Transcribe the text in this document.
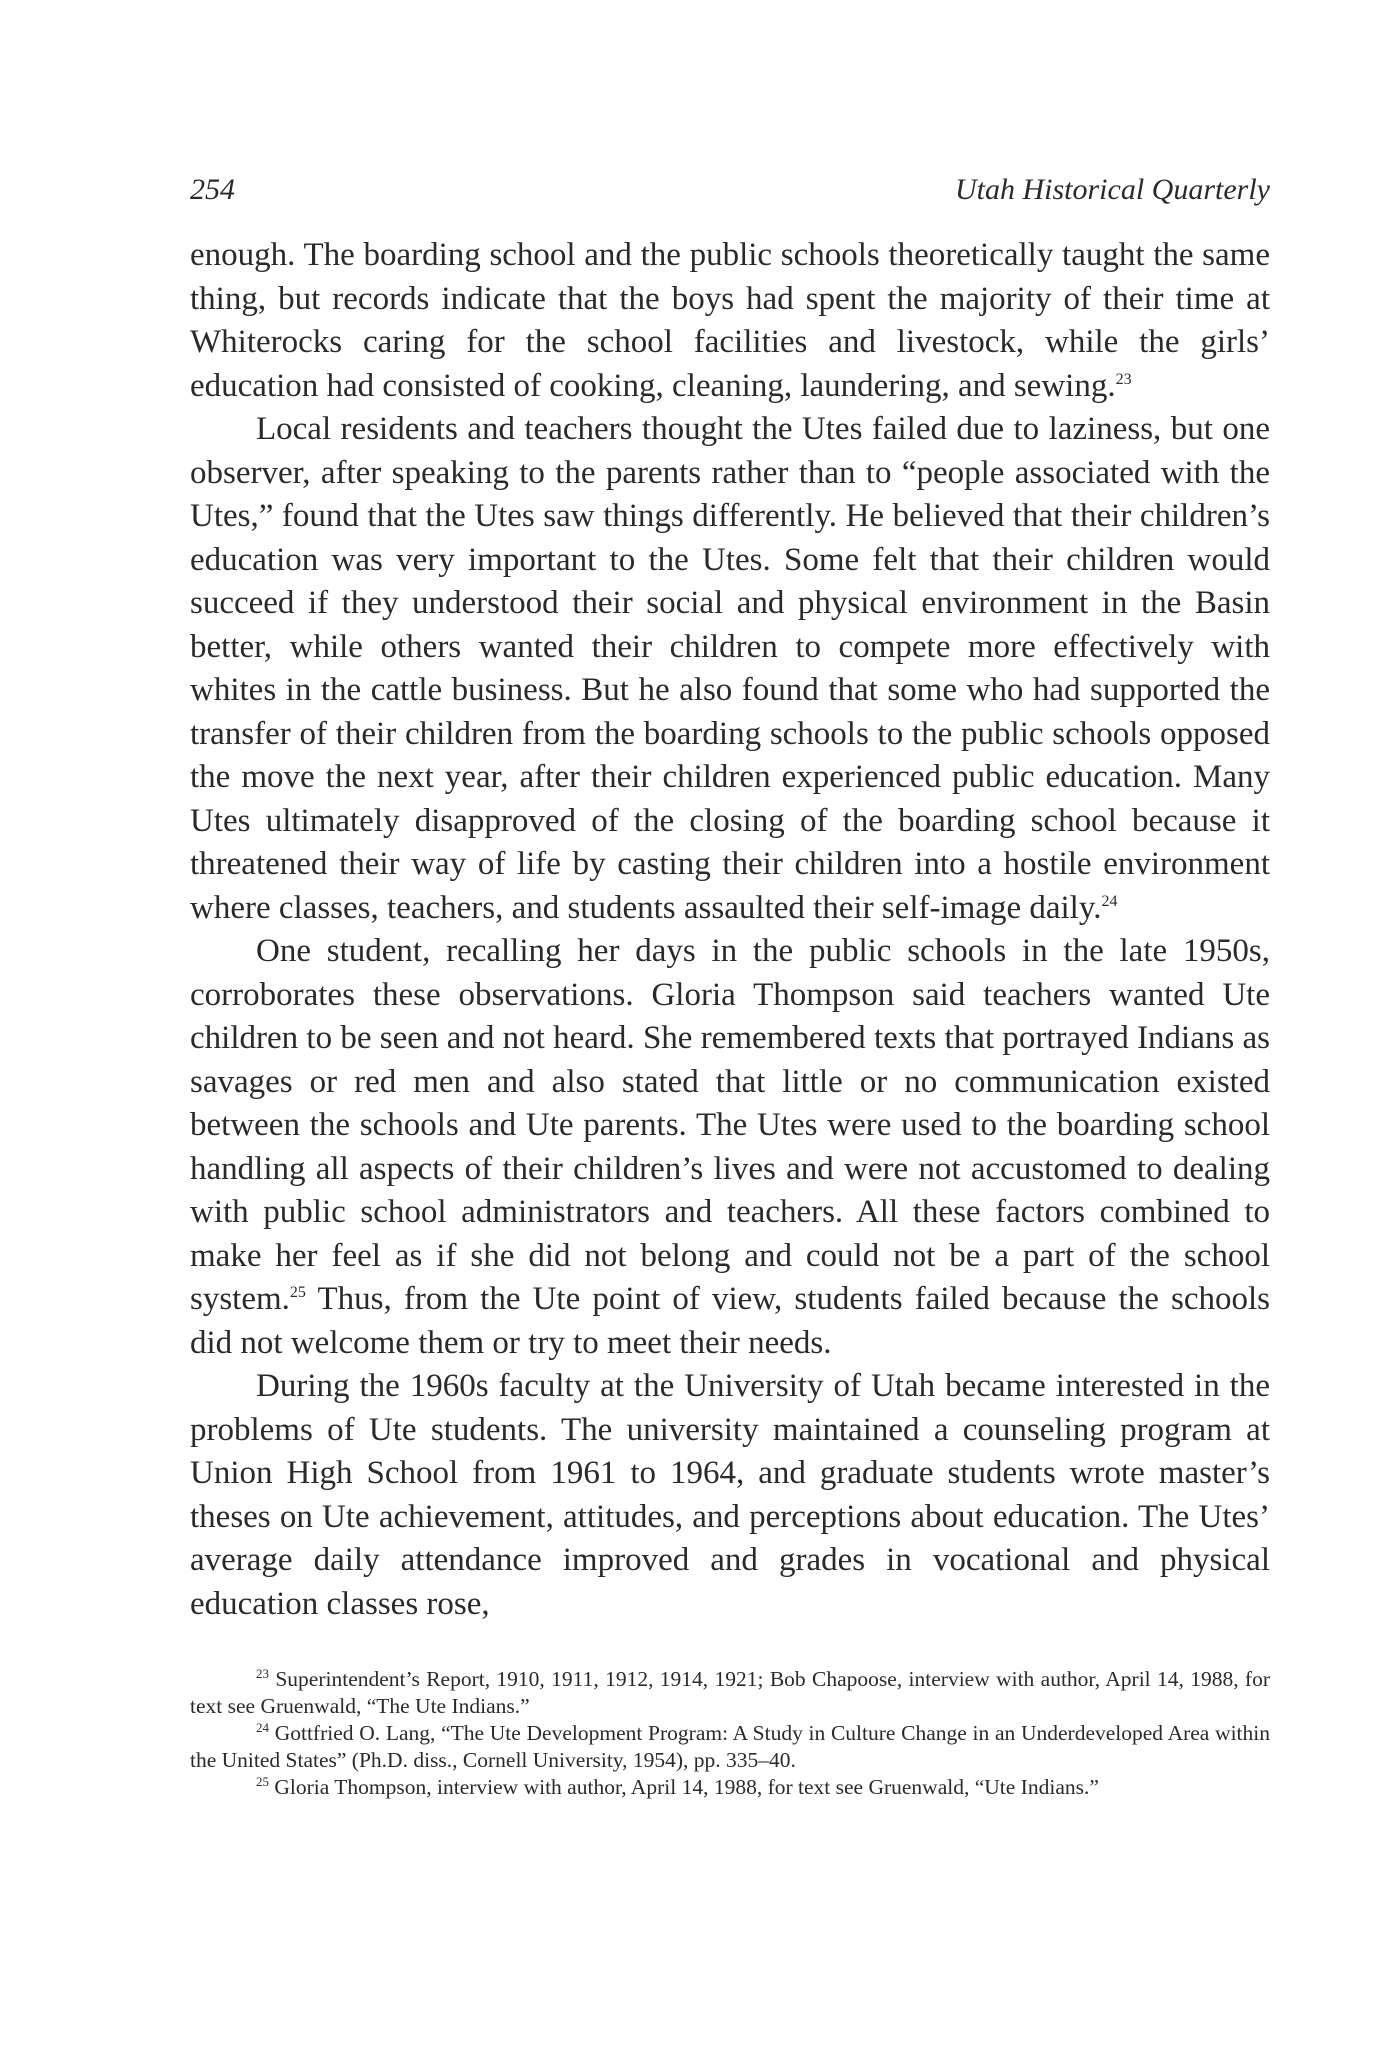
254	Utah Historical Quarterly

enough. The boarding school and the public schools theoretically taught the same thing, but records indicate that the boys had spent the majority of their time at Whiterocks caring for the school facilities and livestock, while the girls’ education had consisted of cooking, cleaning, laundering, and sewing.$^{23}$

Local residents and teachers thought the Utes failed due to laziness, but one observer, after speaking to the parents rather than to “people associated with the Utes,” found that the Utes saw things differently. He believed that their children’s education was very important to the Utes. Some felt that their children would succeed if they understood their social and physical environment in the Basin better, while others wanted their children to compete more effectively with whites in the cattle business. But he also found that some who had supported the transfer of their children from the boarding schools to the public schools opposed the move the next year, after their children experienced public education. Many Utes ultimately disapproved of the closing of the boarding school because it threatened their way of life by casting their children into a hostile environment where classes, teachers, and students assaulted their self-image daily.$^{24}$

One student, recalling her days in the public schools in the late 1950s, corroborates these observations. Gloria Thompson said teachers wanted Ute children to be seen and not heard. She remembered texts that portrayed Indians as savages or red men and also stated that little or no communication existed between the schools and Ute parents. The Utes were used to the boarding school handling all aspects of their children’s lives and were not accustomed to dealing with public school administrators and teachers. All these factors combined to make her feel as if she did not belong and could not be a part of the school system.$^{25}$ Thus, from the Ute point of view, students failed because the schools did not welcome them or try to meet their needs.

During the 1960s faculty at the University of Utah became interested in the problems of Ute students. The university maintained a counseling program at Union High School from 1961 to 1964, and graduate students wrote master’s theses on Ute achievement, attitudes, and perceptions about education. The Utes’ average daily attendance improved and grades in vocational and physical education classes rose,

$^{23}$ Superintendent’s Report, 1910, 1911, 1912, 1914, 1921; Bob Chapoose, interview with author, April 14, 1988, for text see Gruenwald, “The Ute Indians.”

$^{24}$ Gottfried O. Lang, “The Ute Development Program: A Study in Culture Change in an Underdeveloped Area within the United States” (Ph.D. diss., Cornell University, 1954), pp. 335–40.

$^{25}$ Gloria Thompson, interview with author, April 14, 1988, for text see Gruenwald, “Ute Indians.”
